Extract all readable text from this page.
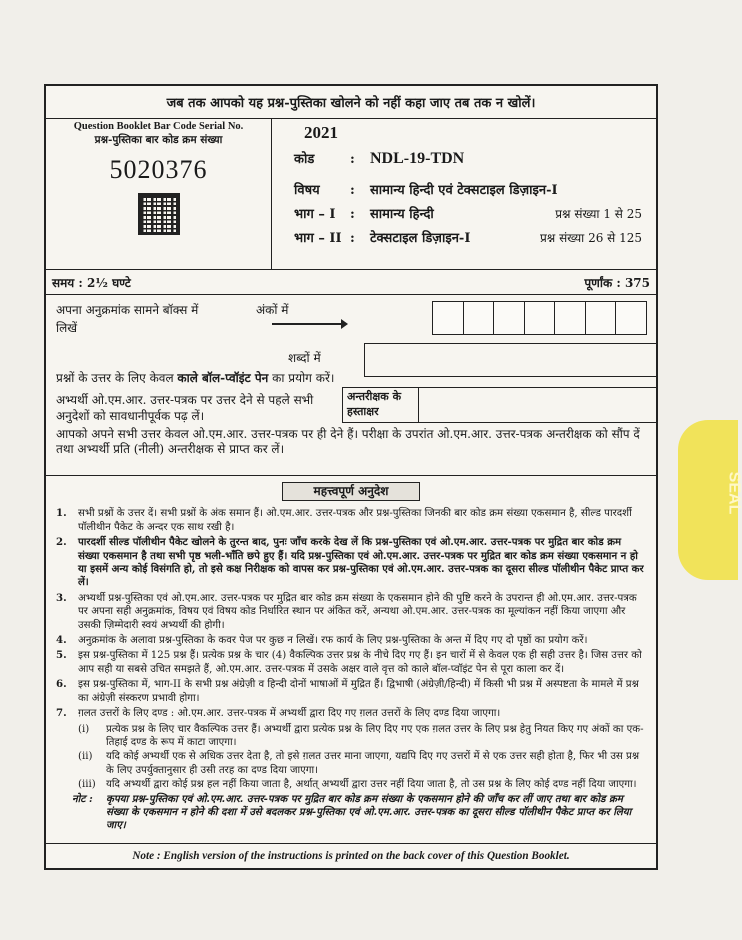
जब तक आपको यह प्रश्न-पुस्तिका खोलने को नहीं कहा जाए तब तक न खोलें।
Question Booklet Bar Code Serial No.
प्रश्न-पुस्तिका बार कोड क्रम संख्या
5020376
2021
कोड	: NDL-19-TDN
विषय	:	सामान्य हिन्दी एवं टेक्सटाइल डिज़ाइन-I
भाग – I	:	सामान्य हिन्दी	प्रश्न संख्या 1 से 25
भाग – II :	टेक्सटाइल डिज़ाइन-I	प्रश्न संख्या 26 से 125
समय : 2½ घण्टे	पूर्णांक : 375
अपना अनुक्रमांक सामने बॉक्स में
लिखें
अंकों में
शब्दों में
प्रश्नों के उत्तर के लिए केवल काले बॉल-प्वॉइंट पेन का प्रयोग करें।
अभ्यर्थी ओ.एम.आर. उत्तर-पत्रक पर उत्तर देने से पहले सभी
अनुदेशों को सावधानीपूर्वक पढ़ लें।
अन्तरीक्षक के हस्ताक्षर
आपको अपने सभी उत्तर केवल ओ.एम.आर. उत्तर-पत्रक पर ही देने हैं। परीक्षा के उपरांत ओ.एम.आर. उत्तर-पत्रक अन्तरीक्षक को सौंप दें तथा अभ्यर्थी प्रति (नीली) अन्तरीक्षक से प्राप्त कर लें।
महत्त्वपूर्ण अनुदेश
1.	सभी प्रश्नों के उत्तर दें। सभी प्रश्नों के अंक समान हैं। ओ.एम.आर. उत्तर-पत्रक और प्रश्न-पुस्तिका जिनकी बार कोड क्रम संख्या एकसमान है, सील्ड पारदर्शी पॉलीथीन पैकेट के अन्दर एक साथ रखी है।
2.	पारदर्शी सील्ड पॉलीथीन पैकेट खोलने के तुरन्त बाद, पुनः जाँच करके देख लें कि प्रश्न-पुस्तिका एवं ओ.एम.आर. उत्तर-पत्रक पर मुद्रित बार कोड क्रम संख्या एकसमान है तथा सभी पृष्ठ भली-भाँति छपे हुए हैं। यदि प्रश्न-पुस्तिका एवं ओ.एम.आर. उत्तर-पत्रक पर मुद्रित बार कोड क्रम संख्या एकसमान न हो या इसमें अन्य कोई विसंगति हो, तो इसे कक्ष निरीक्षक को वापस कर प्रश्न-पुस्तिका एवं ओ.एम.आर. उत्तर-पत्रक का दूसरा सील्ड पॉलीथीन पैकेट प्राप्त कर लें।
3.	अभ्यर्थी प्रश्न-पुस्तिका एवं ओ.एम.आर. उत्तर-पत्रक पर मुद्रित बार कोड क्रम संख्या के एकसमान होने की पुष्टि करने के उपरान्त ही ओ.एम.आर. उत्तर-पत्रक पर अपना सही अनुक्रमांक, विषय एवं विषय कोड निर्धारित स्थान पर अंकित करें, अन्यथा ओ.एम.आर. उत्तर-पत्रक का मूल्यांकन नहीं किया जाएगा और उसकी ज़िम्मेदारी स्वयं अभ्यर्थी की होगी।
4.	अनुक्रमांक के अलावा प्रश्न-पुस्तिका के कवर पेज पर कुछ न लिखें। रफ कार्य के लिए प्रश्न-पुस्तिका के अन्त में दिए गए दो पृष्ठों का प्रयोग करें।
5.	इस प्रश्न-पुस्तिका में 125 प्रश्न हैं। प्रत्येक प्रश्न के चार (4) वैकल्पिक उत्तर प्रश्न के नीचे दिए गए हैं। इन चारों में से केवल एक ही सही उत्तर है। जिस उत्तर को आप सही या सबसे उचित समझते हैं, ओ.एम.आर. उत्तर-पत्रक में उसके अक्षर वाले वृत्त को काले बॉल-प्वॉइंट पेन से पूरा काला कर दें।
6.	इस प्रश्न-पुस्तिका में, भाग-II के सभी प्रश्न अंग्रेज़ी व हिन्दी दोनों भाषाओं में मुद्रित हैं। द्विभाषी (अंग्रेज़ी/हिन्दी) में किसी भी प्रश्न में अस्पष्टता के मामले में प्रश्न का अंग्रेज़ी संस्करण प्रभावी होगा।
7.	ग़लत उत्तरों के लिए दण्ड : ओ.एम.आर. उत्तर-पत्रक में अभ्यर्थी द्वारा दिए गए ग़लत उत्तरों के लिए दण्ड दिया जाएगा।
(i)	प्रत्येक प्रश्न के लिए चार वैकल्पिक उत्तर हैं। अभ्यर्थी द्वारा प्रत्येक प्रश्न के लिए दिए गए एक ग़लत उत्तर के लिए प्रश्न हेतु नियत किए गए अंकों का एक-तिहाई दण्ड के रूप में काटा जाएगा।
(ii)	यदि कोई अभ्यर्थी एक से अधिक उत्तर देता है, तो इसे ग़लत उत्तर माना जाएगा, यद्यपि दिए गए उत्तरों में से एक उत्तर सही होता है, फिर भी उस प्रश्न के लिए उपर्युक्तानुसार ही उसी तरह का दण्ड दिया जाएगा।
(iii)	यदि अभ्यर्थी द्वारा कोई प्रश्न हल नहीं किया जाता है, अर्थात् अभ्यर्थी द्वारा उत्तर नहीं दिया जाता है, तो उस प्रश्न के लिए कोई दण्ड नहीं दिया जाएगा।
नोट :	कृपया प्रश्न-पुस्तिका एवं ओ.एम.आर. उत्तर-पत्रक पर मुद्रित बार कोड क्रम संख्या के एकसमान होने की जाँच कर लीं जाए तथा बार कोड क्रम संख्या के एकसमान न होने की दशा में उसे बदलकर प्रश्न-पुस्तिका एवं ओ.एम.आर. उत्तर-पत्रक का दूसरा सील्ड पॉलीथीन पैकेट प्राप्त कर लिया जाए।
Note : English version of the instructions is printed on the back cover of this Question Booklet.
SEAL
